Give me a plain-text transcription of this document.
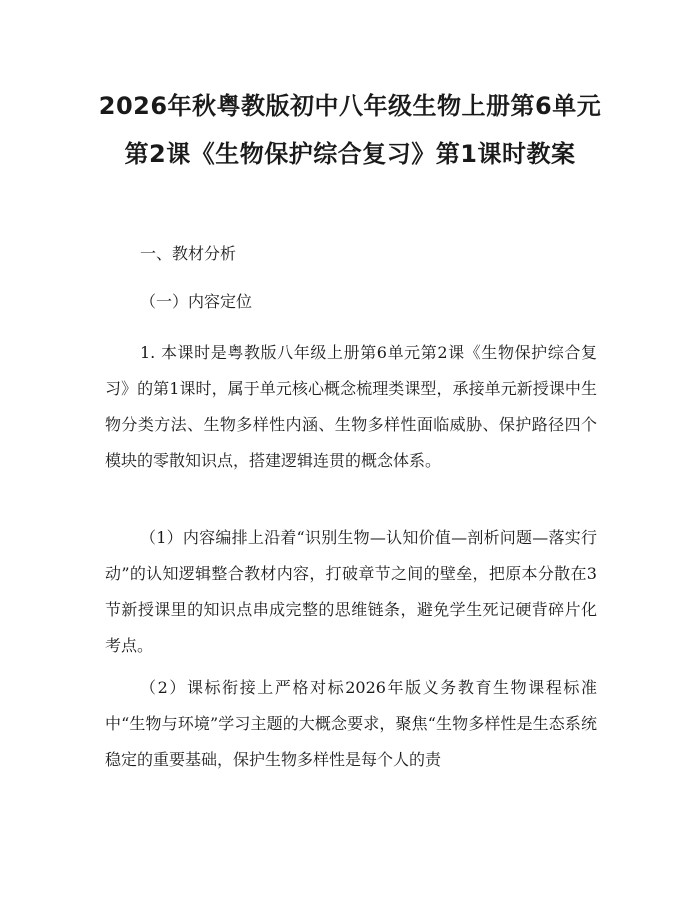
2026年秋粤教版初中八年级生物上册第6单元第2课《生物保护综合复习》第1课时教案

一、教材分析

（一）内容定位

1. 本课时是粤教版八年级上册第6单元第2课《生物保护综合复习》的第1课时，属于单元核心概念梳理类课型，承接单元新授课中生物分类方法、生物多样性内涵、生物多样性面临威胁、保护路径四个模块的零散知识点，搭建逻辑连贯的概念体系。

（1）内容编排上沿着“识别生物—认知价值—剖析问题—落实行动”的认知逻辑整合教材内容，打破章节之间的壁垒，把原本分散在3节新授课里的知识点串成完整的思维链条，避免学生死记硬背碎片化考点。

（2）课标衔接上严格对标2026年版义务教育生物课程标准中“生物与环境”学习主题的大概念要求，聚焦“生物多样性是生态系统稳定的重要基础，保护生物多样性是每个人的责
